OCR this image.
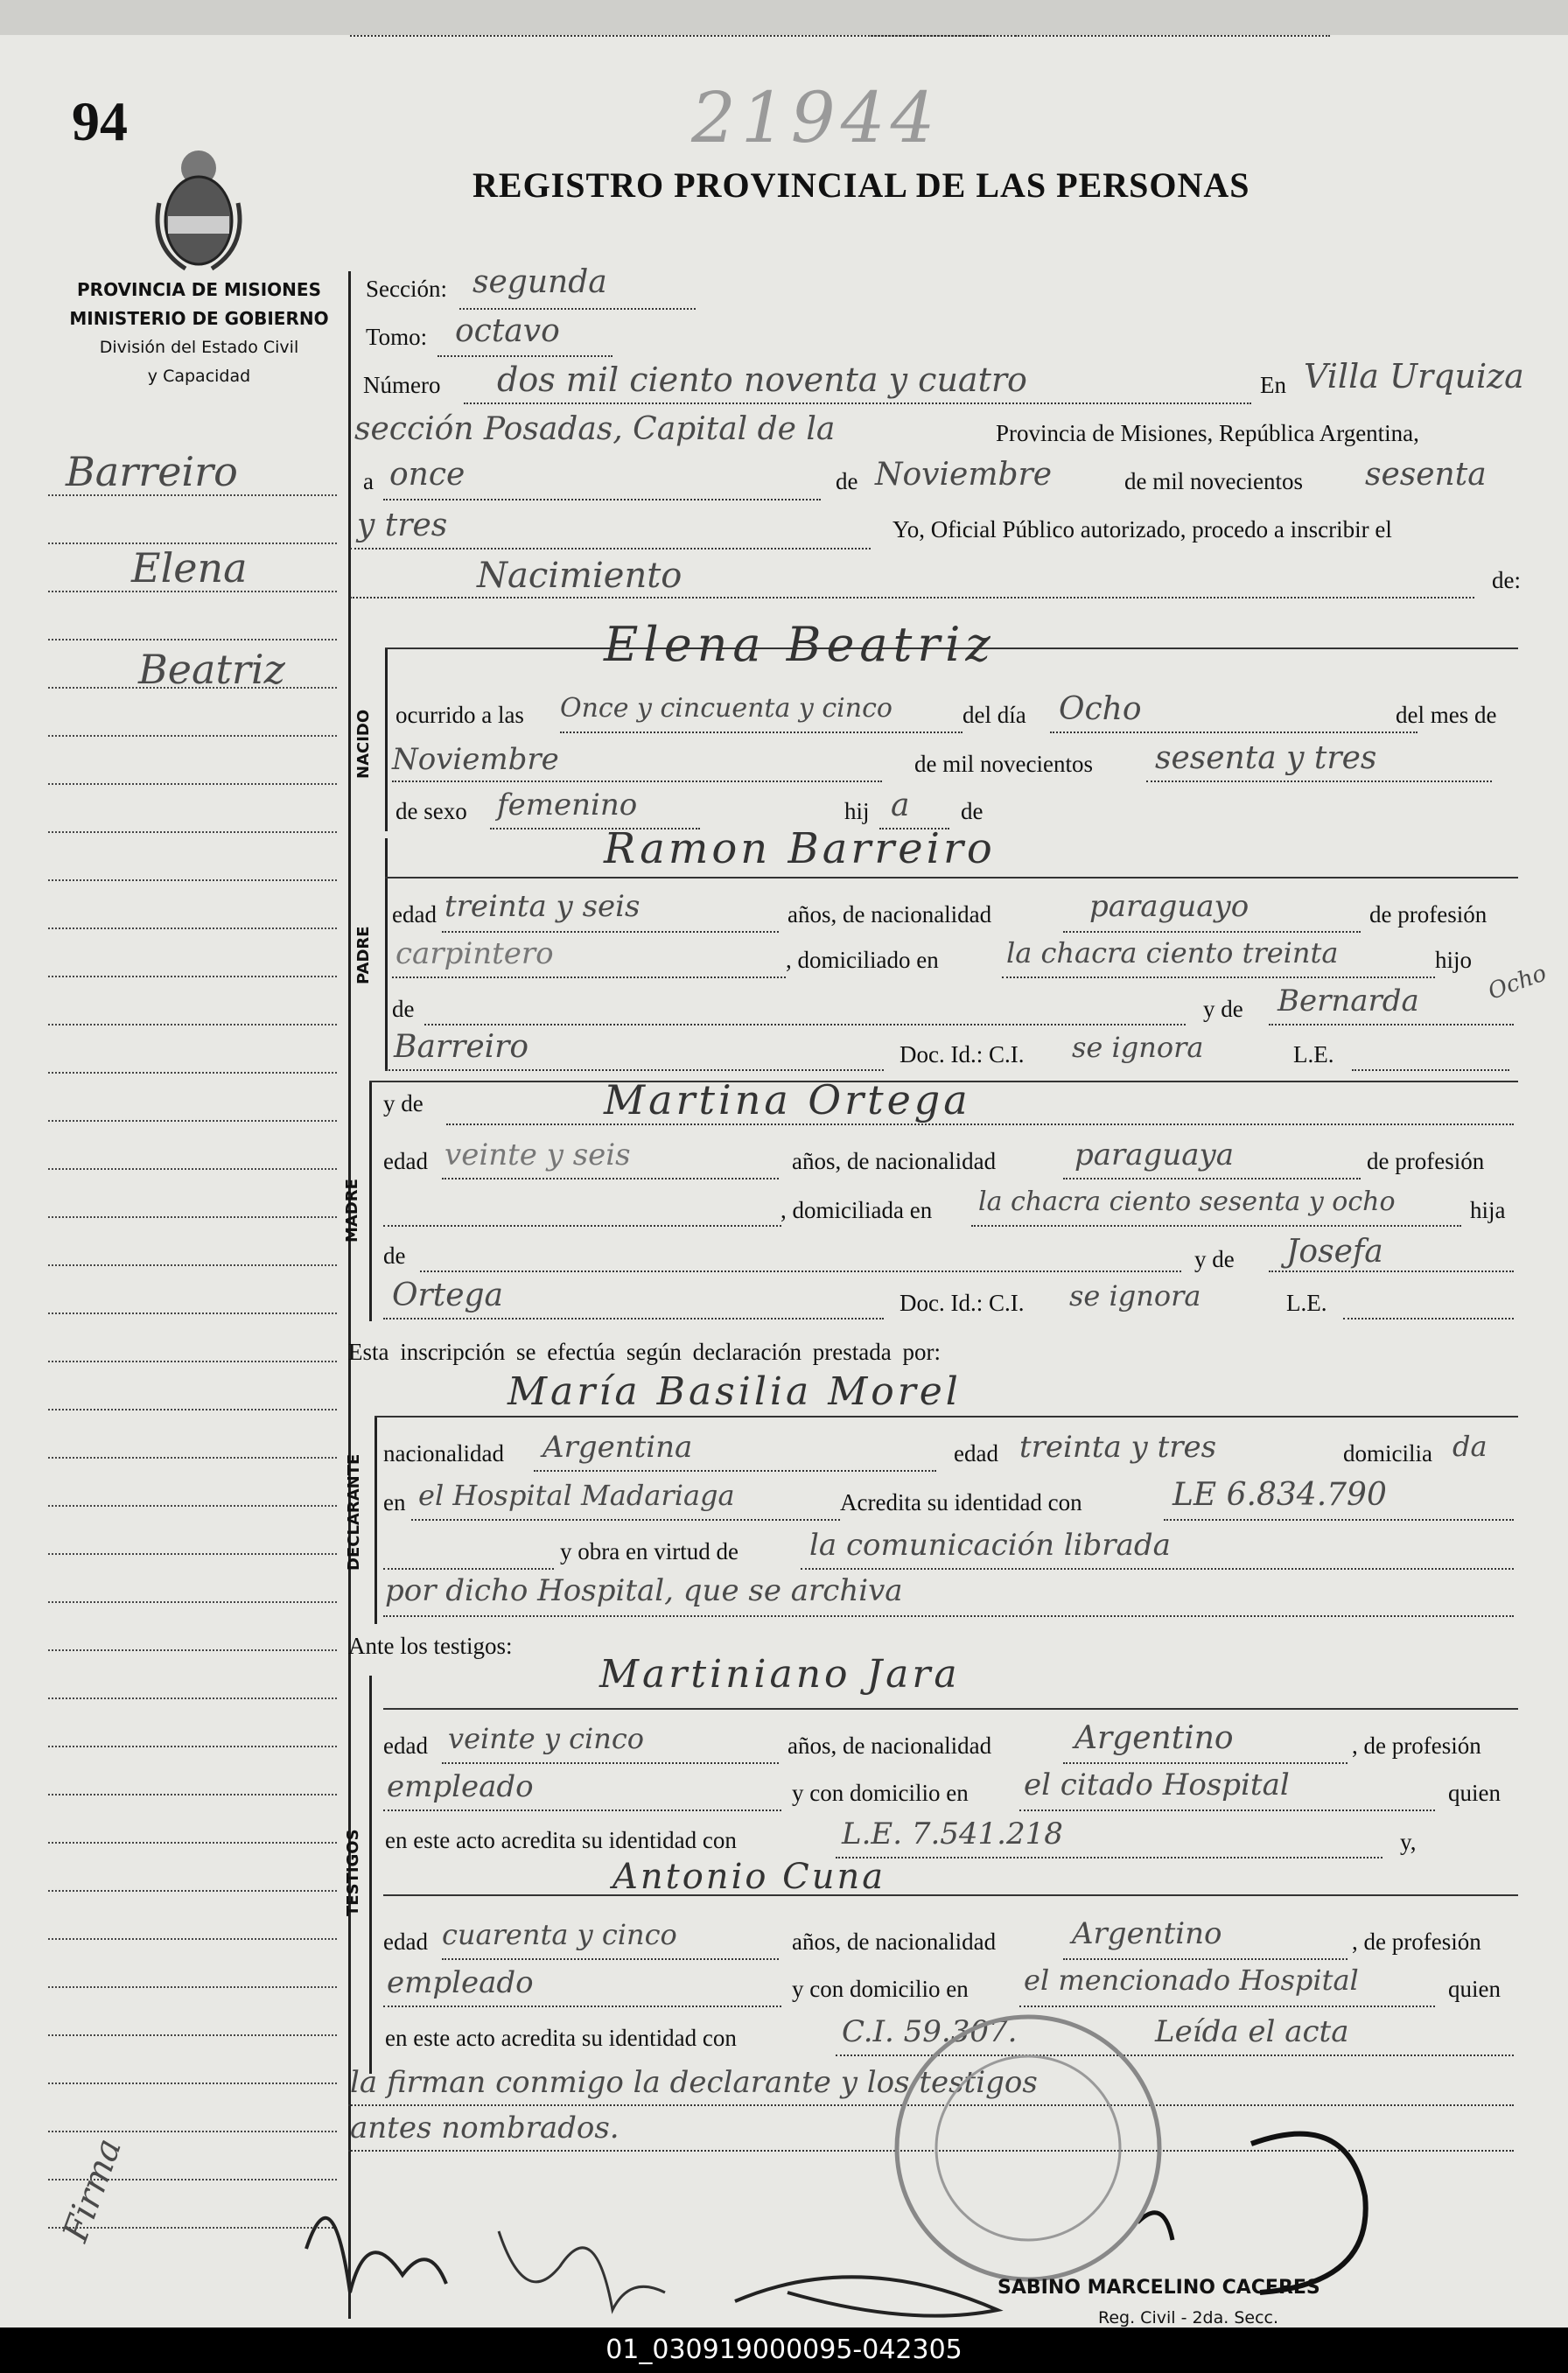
94	21944
REGISTRO PROVINCIAL DE LAS PERSONAS
PROVINCIA DE MISIONES
MINISTERIO DE GOBIERNO
División del Estado Civil
y Capacidad
Barreiro
Elena
Beatriz
Firma
Sección: segunda
Tomo: octavo
Número dos mil ciento noventa y cuatro	En Villa Urquiza
sección Posadas, Capital de la	Provincia de Misiones, República Argentina,
a once	de Noviembre	de mil novecientos sesenta
y tres	Yo, Oficial Público autorizado, procedo a inscribir el
Nacimiento	de:
NACIDO
Elena Beatriz
ocurrido a las Once y cincuenta y cinco	del día Ocho	del mes de
Noviembre	de mil novecientos sesenta y tres
de sexo femenino	hij a de
PADRE
Ramon Barreiro
edad treinta y seis	años, de nacionalidad	paraguayo	de profesión
carpintero	, domiciliado en la chacra ciento treinta	hijo
Ocho
de	y de Bernarda
Barreiro	Doc. Id.: C.I. se ignora	L.E.
MADRE
y de	Martina Ortega
edad veinte y seis	años, de nacionalidad	paraguaya	de profesión
, domiciliada en la chacra ciento sesenta y ocho	hija
de	y de Josefa
Ortega	Doc. Id.: C.I. se ignora	L.E.
Esta inscripción se efectúa según declaración prestada por:
María Basilia Morel
DECLARANTE
nacionalidad Argentina	edad treinta y tres	domicilia da
en el Hospital Madariaga	Acredita su identidad con	LE 6.834.790
y obra en virtud de la comunicación librada
por dicho Hospital, que se archiva
Ante los testigos:
Martiniano Jara
TESTIGOS
edad veinte y cinco	años, de nacionalidad	Argentino	, de profesión
empleado	y con domicilio en el citado Hospital	quien
en este acto acredita su identidad con	L.E. 7.541.218	y,
Antonio Cuna
edad cuarenta y cinco	años, de nacionalidad	Argentino	, de profesión
empleado	y con domicilio en el mencionado Hospital	quien
en este acto acredita su identidad con	C.I. 59.307.	Leída el acta
la firman conmigo la declarante y los testigos
antes nombrados.
SABINO MARCELINO CACERES
Reg. Civil - 2da. Secc.
01_030919000095-042305
